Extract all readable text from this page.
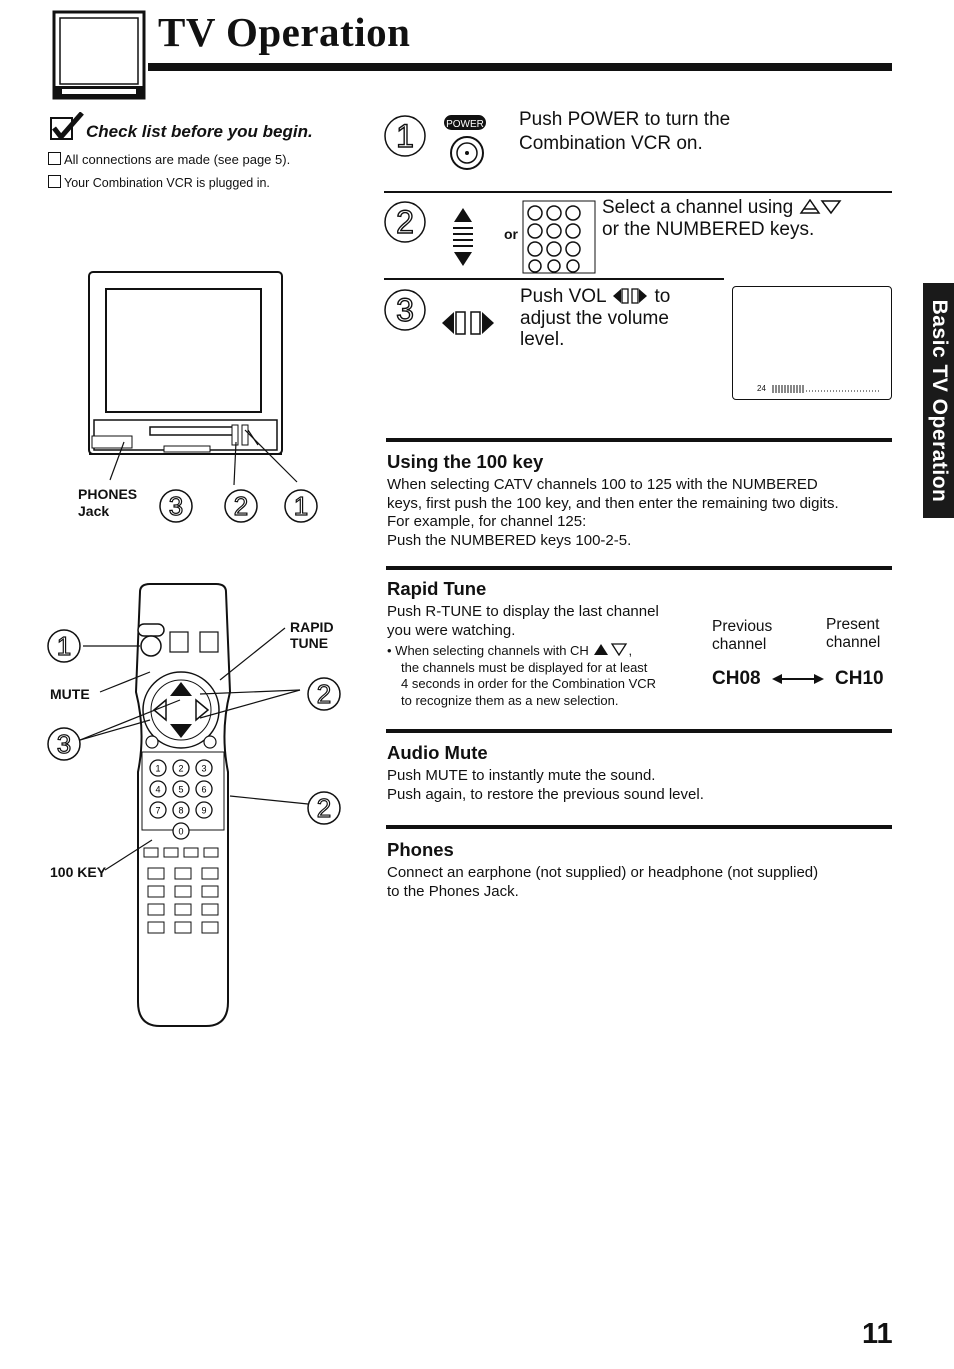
TV Operation
Check list before you begin.
All connections are made (see page 5).
Your Combination VCR is plugged in.
PHONES
Jack 3 2 1
1 2 3
4 5 6
7 8 9
0
1
2
3
2
RAPID
TUNE
MUTE
100 KEY
1	POWER Push POWER to turn the
Combination VCR on.
2	or
Select a channel using
or the NUMBERED keys.
3	Push VOL	to
adjust the volume
level.
24	Basic TV Operation
Using the 100 key
When selecting CATV channels 100 to 125 with the NUMBERED
keys, first push the 100 key, and then enter the remaining two digits.
For example, for channel 125:
Push the NUMBERED keys 100-2-5.
Rapid Tune
Push R-TUNE to display the last channel
you were watching.
• When selecting channels with CH	,
the channels must be displayed for at least
4 seconds in order for the Combination VCR
to recognize them as a new selection.
Previous
channel
Present
channel
CH08	CH10
Audio Mute
Push MUTE to instantly mute the sound.
Push again, to restore the previous sound level.
Phones
Connect an earphone (not supplied) or headphone (not supplied)
to the Phones Jack.
11
